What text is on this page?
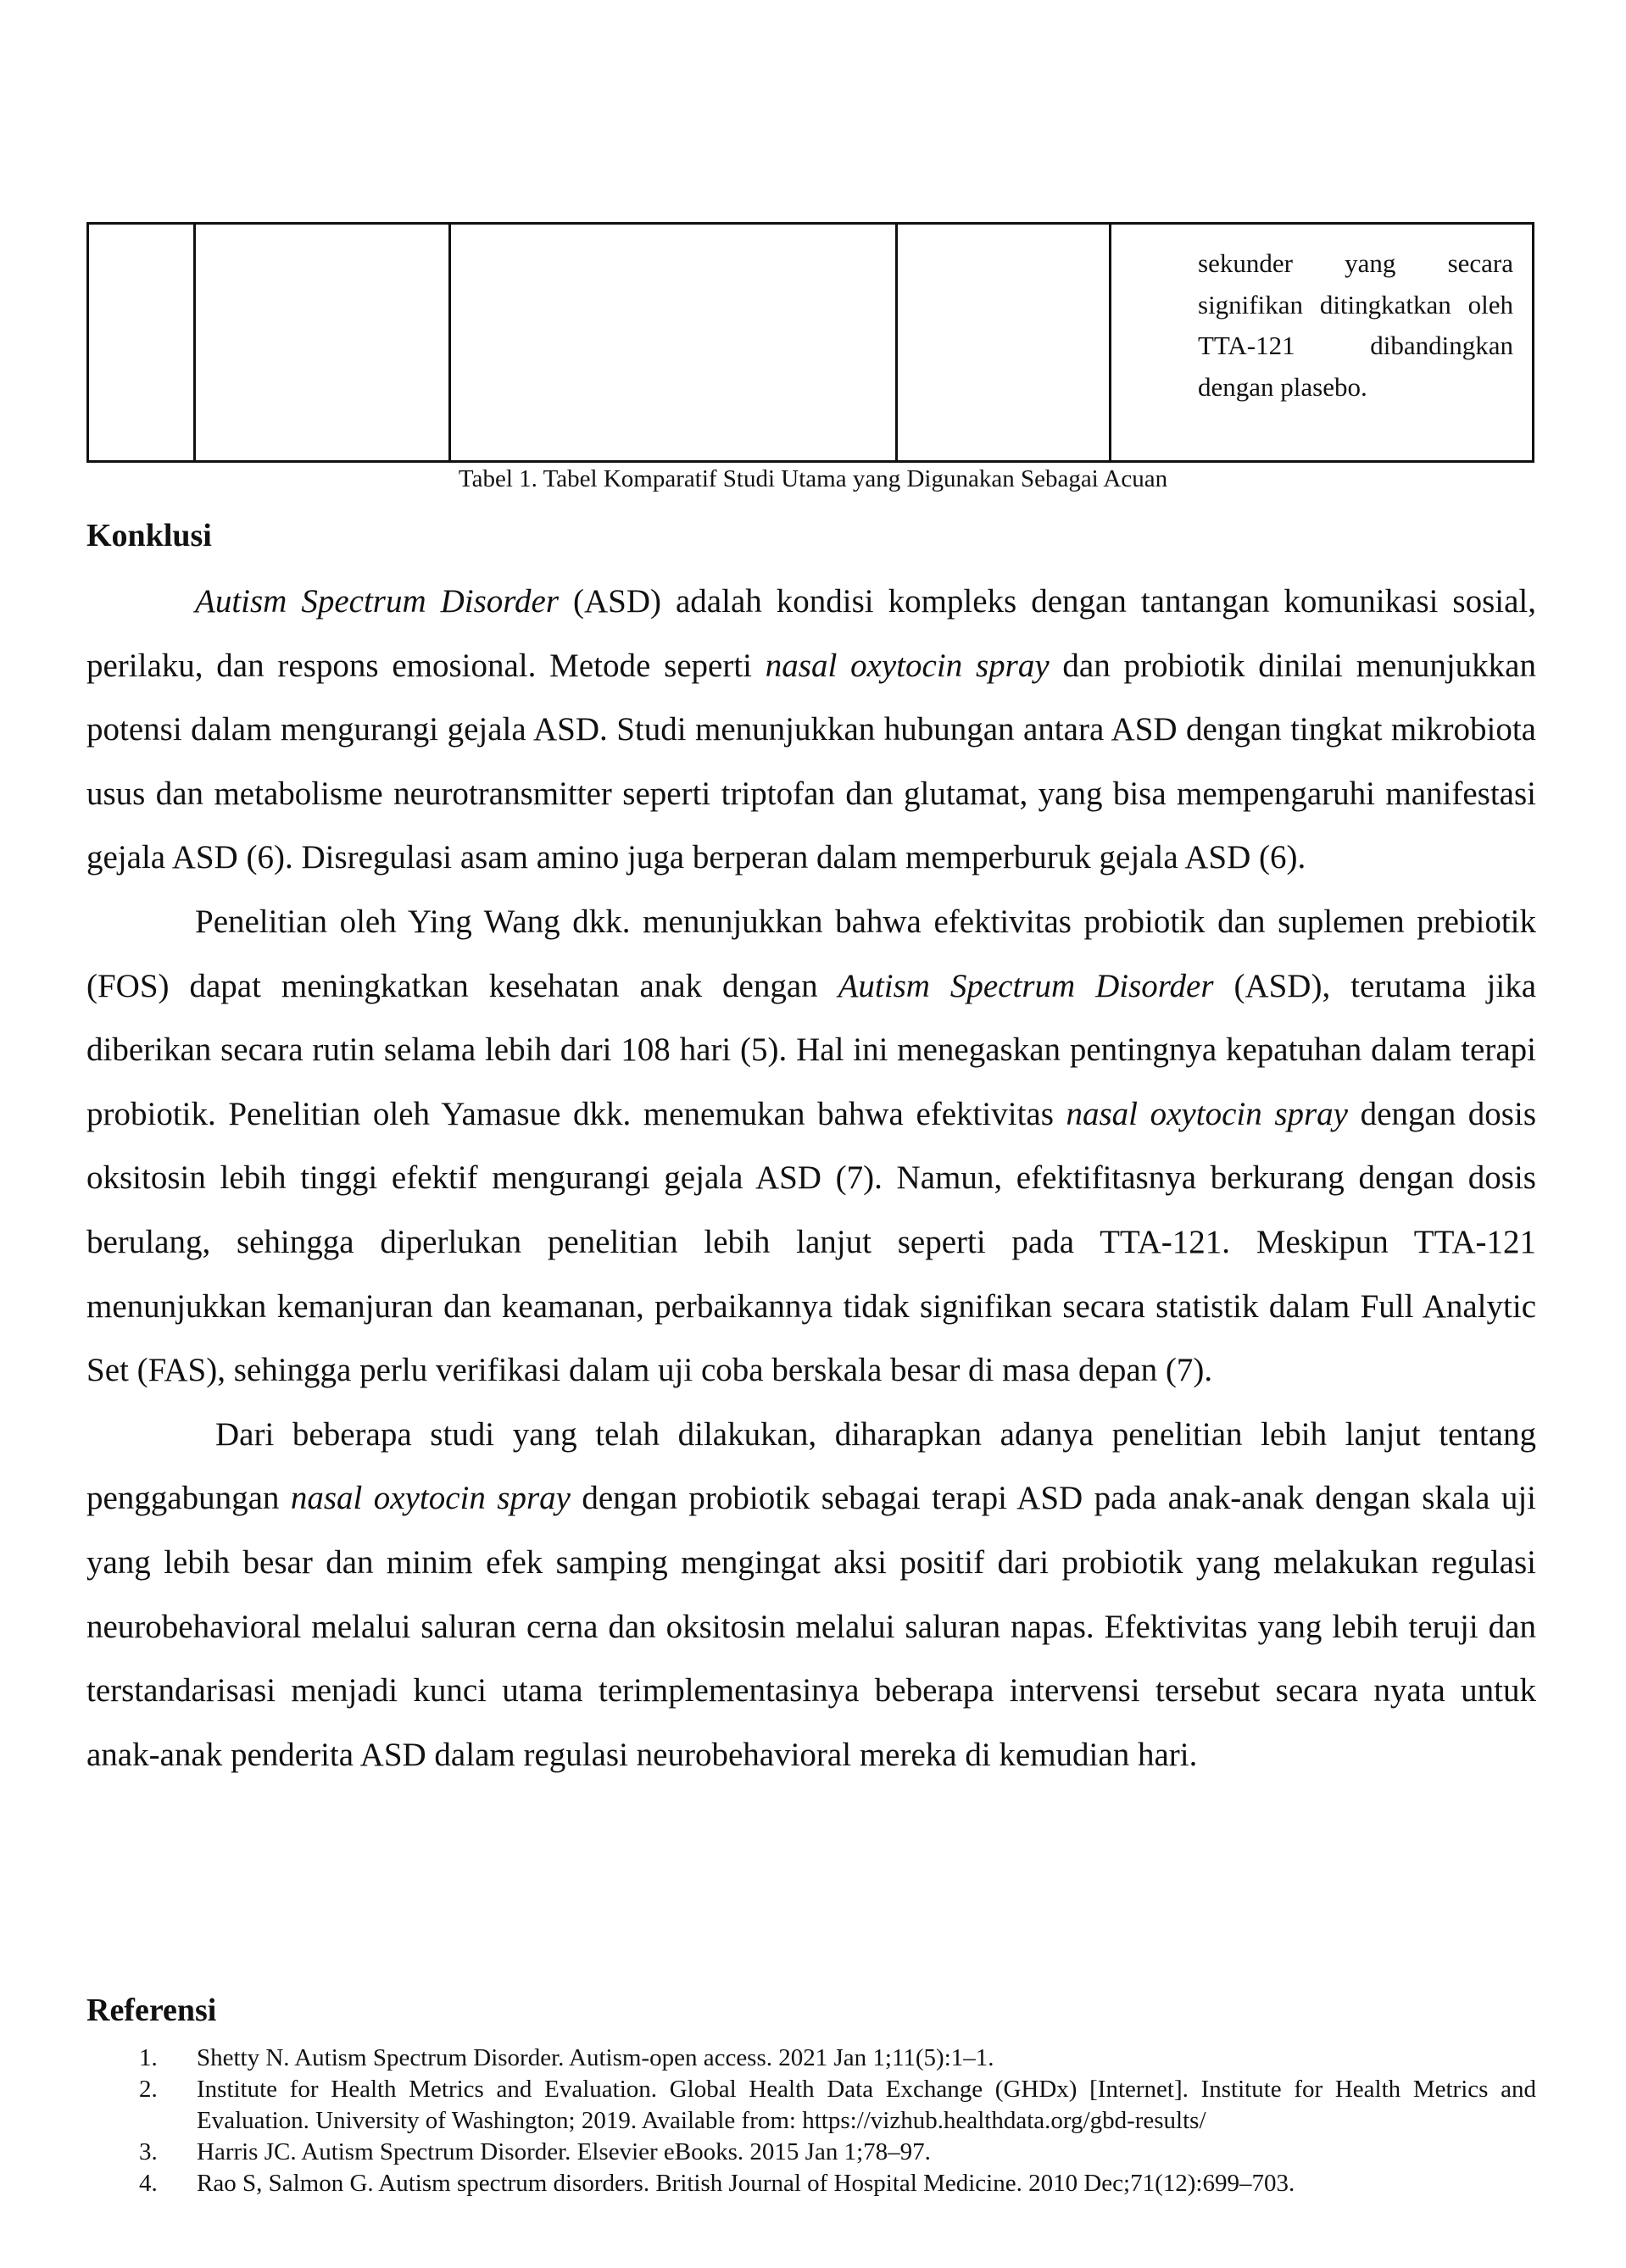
sekunder yang secara signifikan ditingkatkan oleh TTA-121 dibandingkan dengan plasebo.
Tabel 1. Tabel Komparatif Studi Utama yang Digunakan Sebagai Acuan
Konklusi

Autism Spectrum Disorder (ASD) adalah kondisi kompleks dengan tantangan komunikasi sosial, perilaku, dan respons emosional. Metode seperti nasal oxytocin spray dan probiotik dinilai menunjukkan potensi dalam mengurangi gejala ASD. Studi menunjukkan hubungan antara ASD dengan tingkat mikrobiota usus dan metabolisme neurotransmitter seperti triptofan dan glutamat, yang bisa mempengaruhi manifestasi gejala ASD (6). Disregulasi asam amino juga berperan dalam memperburuk gejala ASD (6).

Penelitian oleh Ying Wang dkk. menunjukkan bahwa efektivitas probiotik dan suplemen prebiotik (FOS) dapat meningkatkan kesehatan anak dengan Autism Spectrum Disorder (ASD), terutama jika diberikan secara rutin selama lebih dari 108 hari (5). Hal ini menegaskan pentingnya kepatuhan dalam terapi probiotik. Penelitian oleh Yamasue dkk. menemukan bahwa efektivitas nasal oxytocin spray dengan dosis oksitosin lebih tinggi efektif mengurangi gejala ASD (7). Namun, efektifitasnya berkurang dengan dosis berulang, sehingga diperlukan penelitian lebih lanjut seperti pada TTA-121. Meskipun TTA-121 menunjukkan kemanjuran dan keamanan, perbaikannya tidak signifikan secara statistik dalam Full Analytic Set (FAS), sehingga perlu verifikasi dalam uji coba berskala besar di masa depan (7).

Dari beberapa studi yang telah dilakukan, diharapkan adanya penelitian lebih lanjut tentang penggabungan nasal oxytocin spray dengan probiotik sebagai terapi ASD pada anak-anak dengan skala uji yang lebih besar dan minim efek samping mengingat aksi positif dari probiotik yang melakukan regulasi neurobehavioral melalui saluran cerna dan oksitosin melalui saluran napas. Efektivitas yang lebih teruji dan terstandarisasi menjadi kunci utama terimplementasinya beberapa intervensi tersebut secara nyata untuk anak-anak penderita ASD dalam regulasi neurobehavioral mereka di kemudian hari.

Referensi
1.	Shetty N. Autism Spectrum Disorder. Autism-open access. 2021 Jan 1;11(5):1–1.
2.	Institute for Health Metrics and Evaluation. Global Health Data Exchange (GHDx) [Internet]. Institute for Health Metrics and Evaluation. University of Washington; 2019. Available from: https://vizhub.healthdata.org/gbd-results/
3.	Harris JC. Autism Spectrum Disorder. Elsevier eBooks. 2015 Jan 1;78–97.
4.	Rao S, Salmon G. Autism spectrum disorders. British Journal of Hospital Medicine. 2010 Dec;71(12):699–703.
